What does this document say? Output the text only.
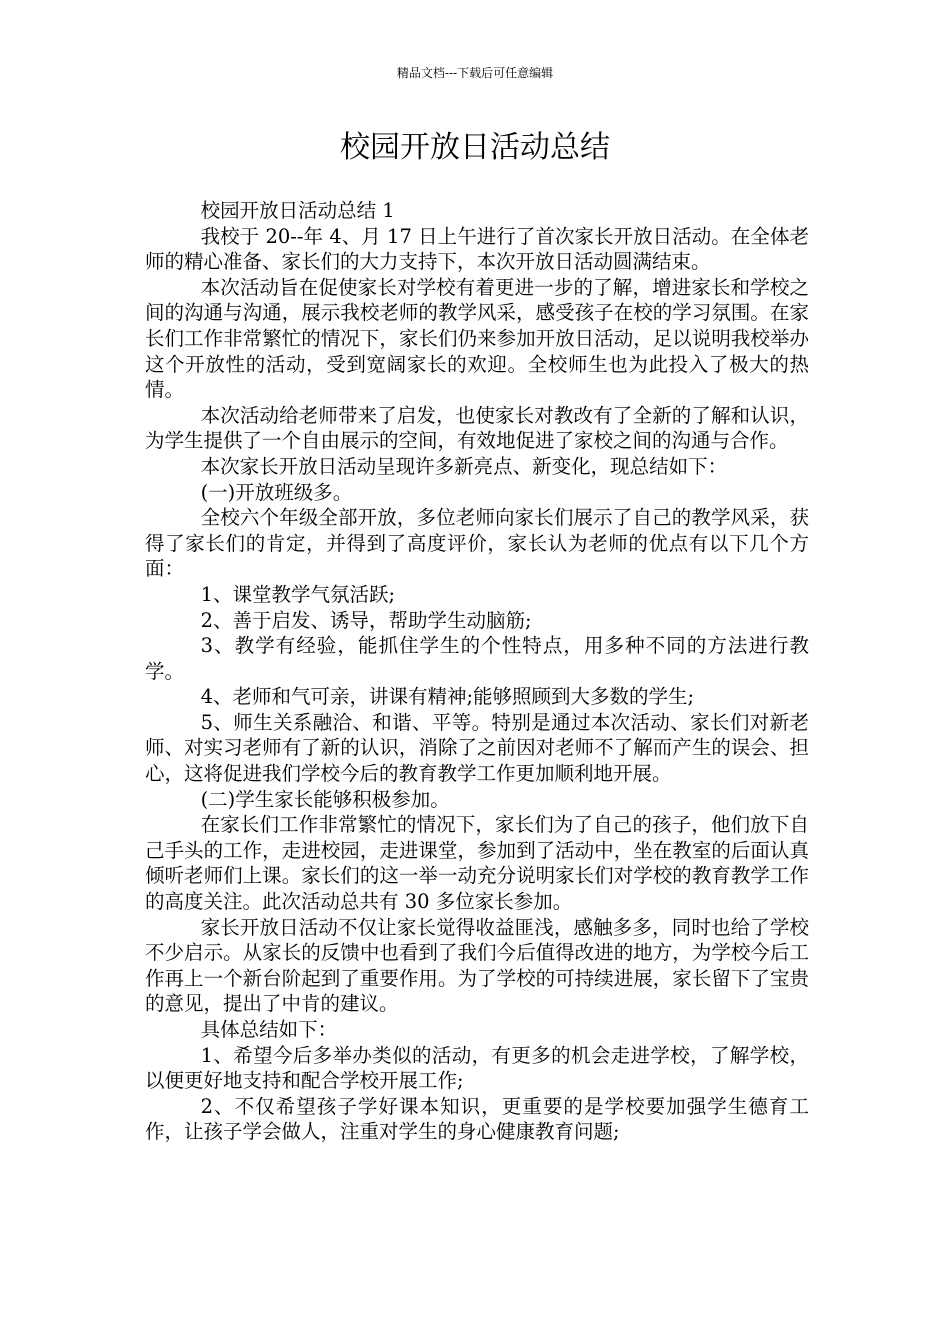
精品文档---下载后可任意编辑
校园开放日活动总结

校园开放日活动总结 1

我校于 20--年 4、月 17 日上午进行了首次家长开放日活动。在全体老师的精心准备、家长们的大力支持下，本次开放日活动圆满结束。

本次活动旨在促使家长对学校有着更进一步的了解，增进家长和学校之间的沟通与沟通，展示我校老师的教学风采，感受孩子在校的学习氛围。在家长们工作非常繁忙的情况下，家长们仍来参加开放日活动，足以说明我校举办这个开放性的活动，受到宽阔家长的欢迎。全校师生也为此投入了极大的热情。

本次活动给老师带来了启发，也使家长对教改有了全新的了解和认识，为学生提供了一个自由展示的空间，有效地促进了家校之间的沟通与合作。

本次家长开放日活动呈现许多新亮点、新变化，现总结如下：

(一)开放班级多。

全校六个年级全部开放，多位老师向家长们展示了自己的教学风采，获得了家长们的肯定，并得到了高度评价，家长认为老师的优点有以下几个方面：

1、课堂教学气氛活跃;

2、善于启发、诱导，帮助学生动脑筋;

3、教学有经验，能抓住学生的个性特点，用多种不同的方法进行教学。

4、老师和气可亲，讲课有精神;能够照顾到大多数的学生;

5、师生关系融洽、和谐、平等。特别是通过本次活动、家长们对新老师、对实习老师有了新的认识，消除了之前因对老师不了解而产生的误会、担心，这将促进我们学校今后的教育教学工作更加顺利地开展。

(二)学生家长能够积极参加。

在家长们工作非常繁忙的情况下，家长们为了自己的孩子，他们放下自己手头的工作，走进校园，走进课堂，参加到了活动中，坐在教室的后面认真倾听老师们上课。家长们的这一举一动充分说明家长们对学校的教育教学工作的高度关注。此次活动总共有 30 多位家长参加。

家长开放日活动不仅让家长觉得收益匪浅，感触多多，同时也给了学校不少启示。从家长的反馈中也看到了我们今后值得改进的地方，为学校今后工作再上一个新台阶起到了重要作用。为了学校的可持续进展，家长留下了宝贵的意见，提出了中肯的建议。

具体总结如下：

1、希望今后多举办类似的活动，有更多的机会走进学校，了解学校，以便更好地支持和配合学校开展工作;

2、不仅希望孩子学好课本知识，更重要的是学校要加强学生德育工作，让孩子学会做人，注重对学生的身心健康教育问题;
